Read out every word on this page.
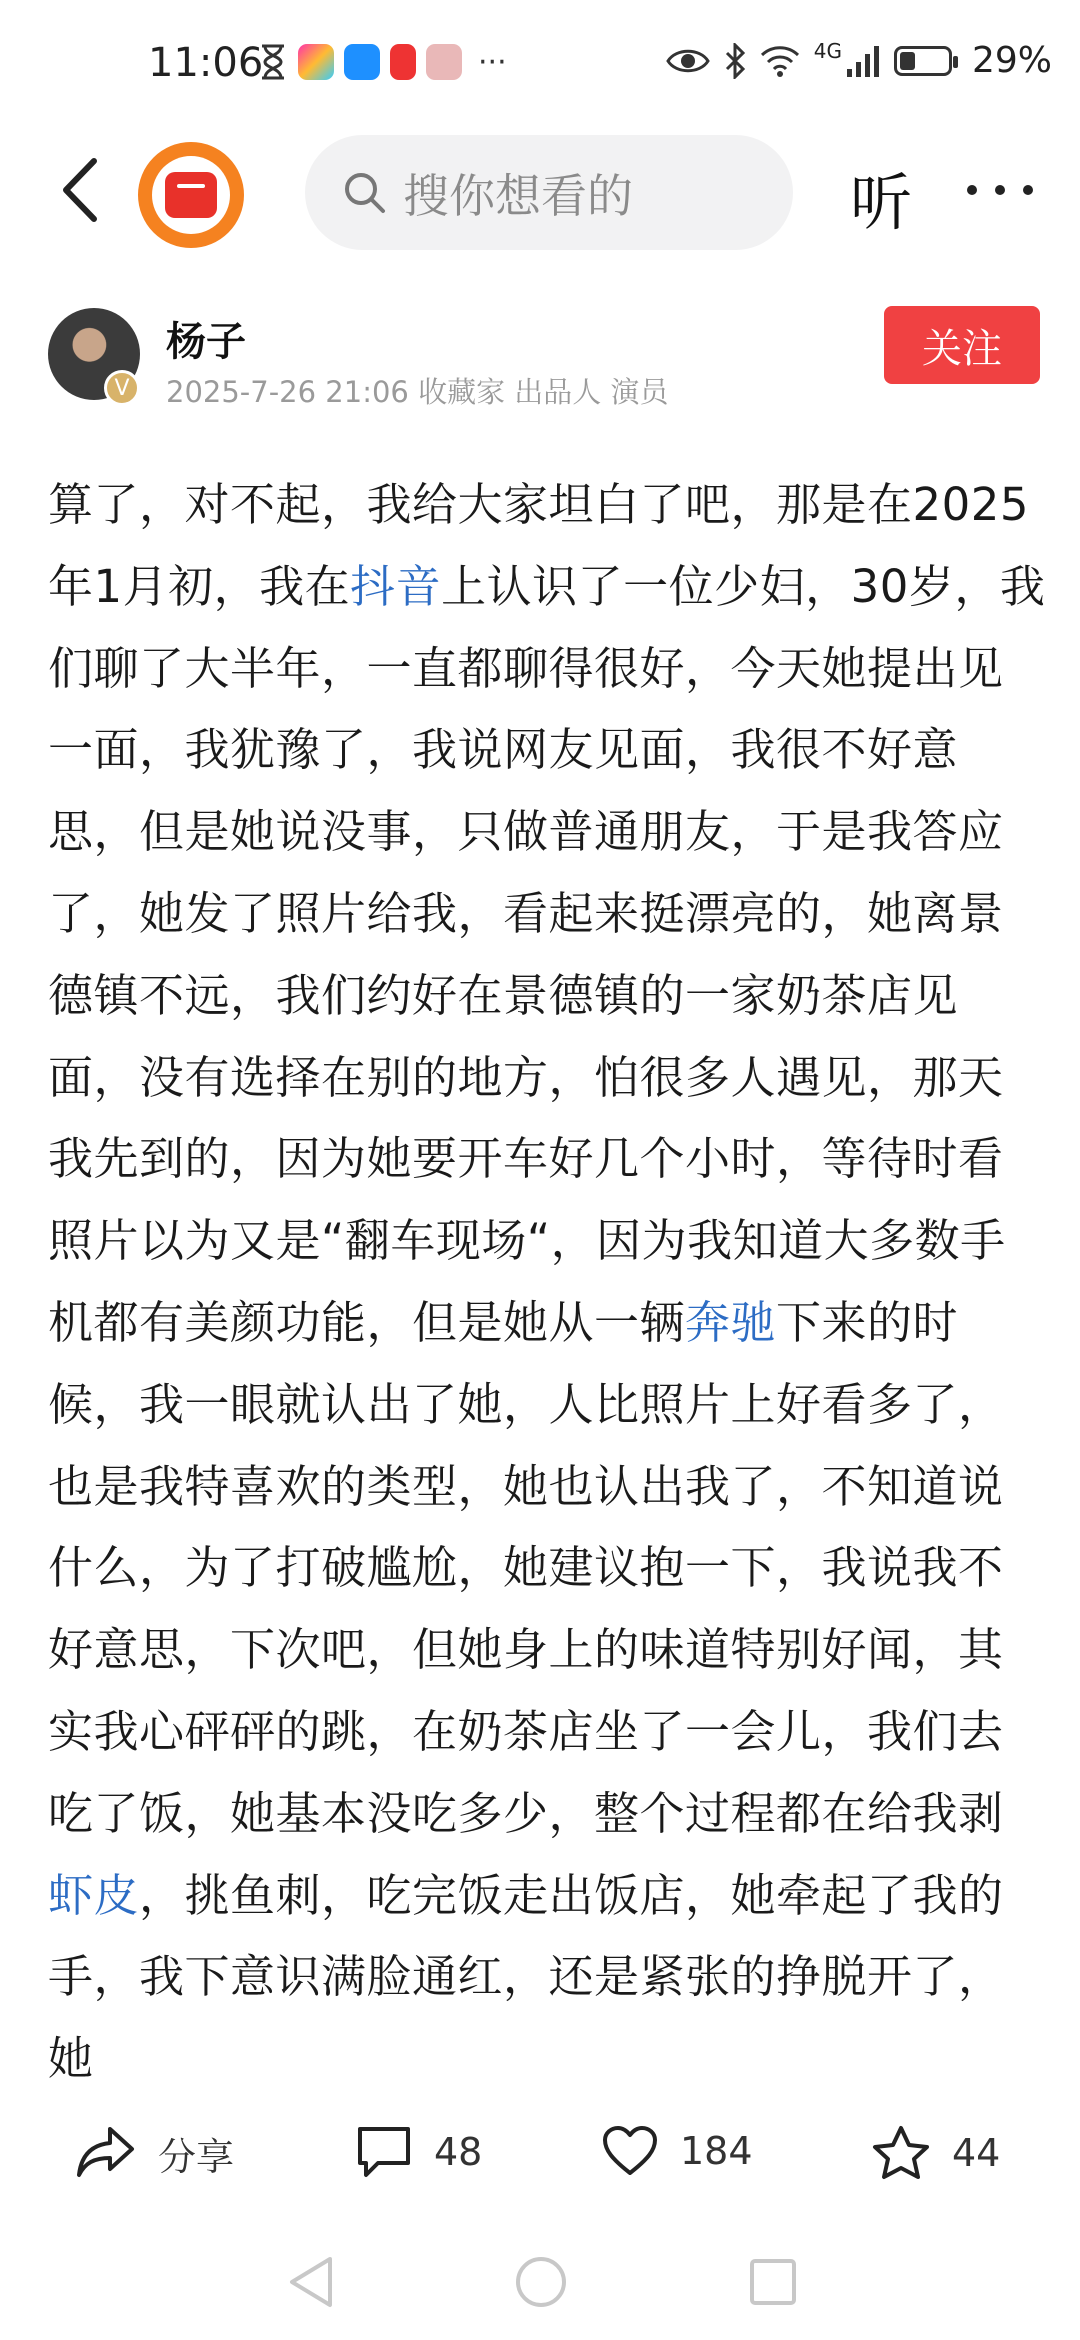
11:06	···	4G	29%
搜你想看的	听
V
杨子
2025-7-26 21:06 收藏家 出品人 演员
关注
算了，对不起，我给大家坦白了吧，那是在2025年1月初，我在抖音上认识了一位少妇，30岁，我们聊了大半年，一直都聊得很好，今天她提出见一面，我犹豫了，我说网友见面，我很不好意思，但是她说没事，只做普通朋友，于是我答应了，她发了照片给我，看起来挺漂亮的，她离景德镇不远，我们约好在景德镇的一家奶茶店见面，没有选择在别的地方，怕很多人遇见，那天我先到的，因为她要开车好几个小时，等待时看照片以为又是“翻车现场“，因为我知道大多数手机都有美颜功能，但是她从一辆奔驰下来的时候，我一眼就认出了她，人比照片上好看多了，也是我特喜欢的类型，她也认出我了，不知道说什么，为了打破尴尬，她建议抱一下，我说我不好意思，下次吧，但她身上的味道特别好闻，其实我心砰砰的跳，在奶茶店坐了一会儿，我们去吃了饭，她基本没吃多少，整个过程都在给我剥虾皮，挑鱼刺，吃完饭走出饭店，她牵起了我的手，我下意识满脸通红，还是紧张的挣脱开了，她
分享	48	184	44
